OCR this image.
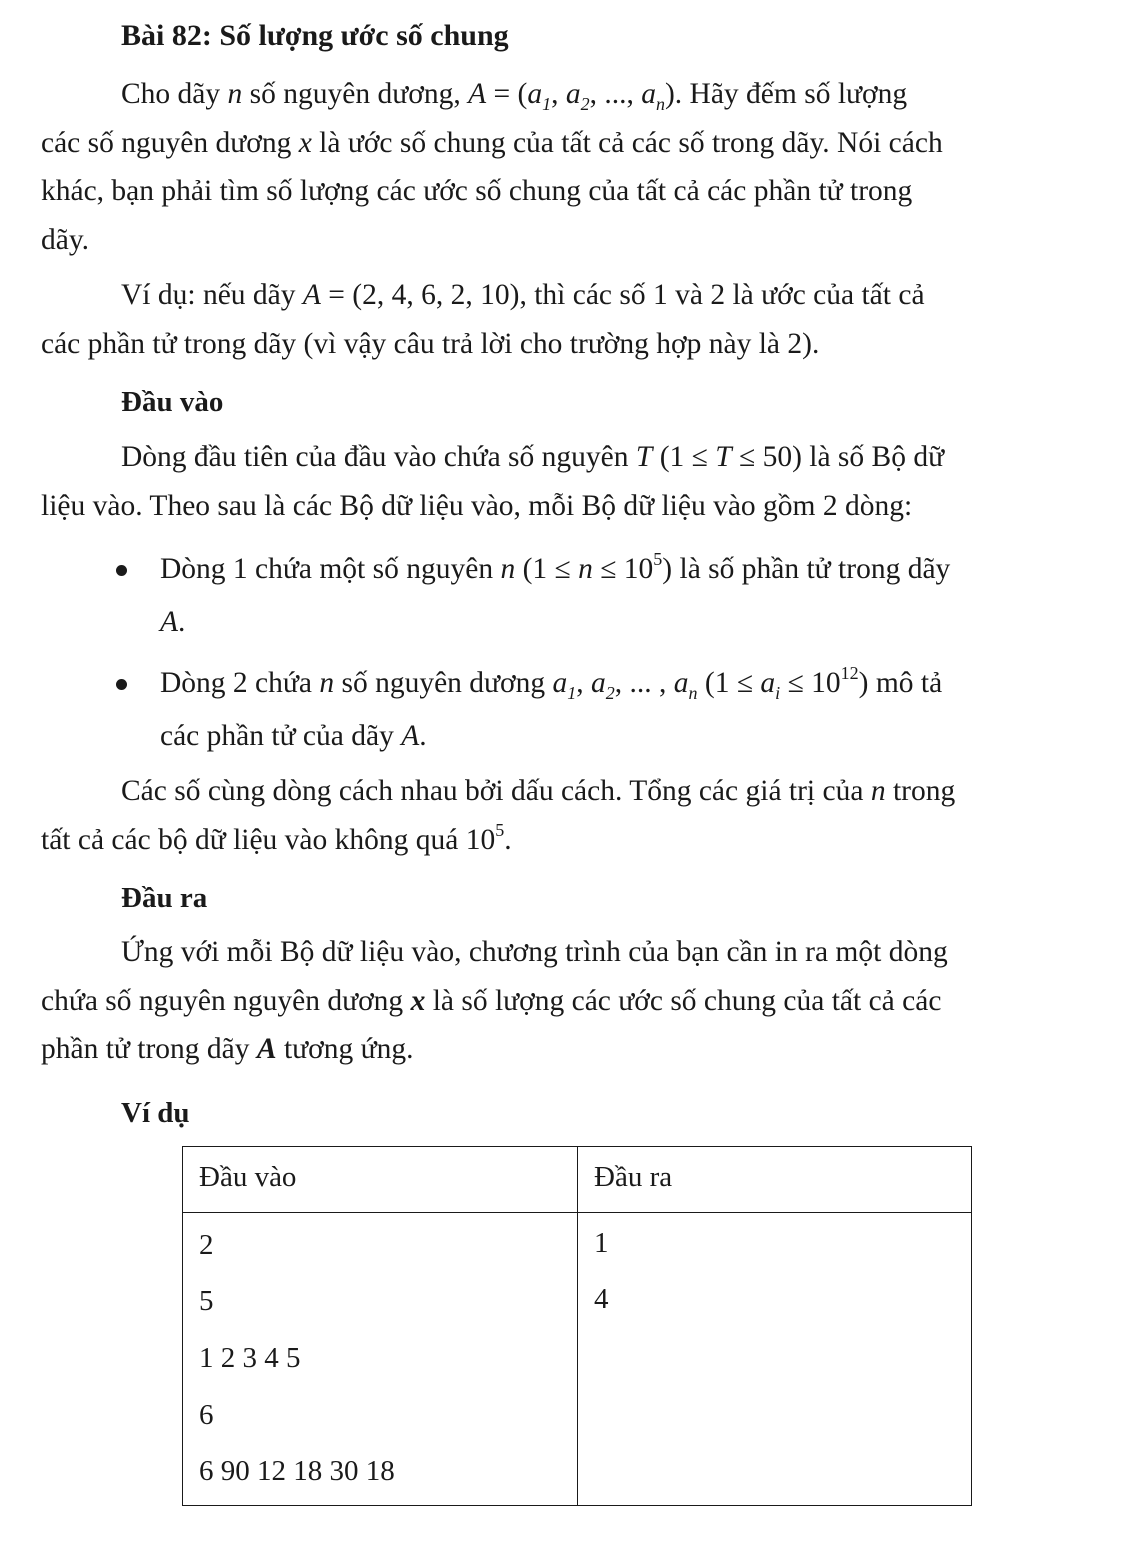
Bài 82: Số lượng ước số chung
Cho dãy n số nguyên dương, $A = (a_1$, $a_2$, ..., $a_n$). Hãy đếm số lượng
các số nguyên dương x là ước số chung của tất cả các số trong dãy. Nói cách
khác, bạn phải tìm số lượng các ước số chung của tất cả các phần tử trong
dãy.
Ví dụ: nếu dãy A = (2, 4, 6, 2, 10), thì các số 1 và 2 là ước của tất cả
các phần tử trong dãy (vì vậy câu trả lời cho trường hợp này là 2).
Đầu vào
Dòng đầu tiên của đầu vào chứa số nguyên T (1 ≤ T ≤ 50) là số Bộ dữ
liệu vào. Theo sau là các Bộ dữ liệu vào, mỗi Bộ dữ liệu vào gồm 2 dòng:
Dòng 1 chứa một số nguyên n $(1 \le n \le 10^5)$ là số phần tử trong dãy
A.
Dòng 2 chứa n số nguyên dương $a_1$, $a_2$, ... , $a_n$ $(1 \le a_i \le 10^{12})$ mô tả
các phần tử của dãy A.
Các số cùng dòng cách nhau bởi dấu cách. Tổng các giá trị của n trong
tất cả các bộ dữ liệu vào không quá $10^5$.
Đầu ra
Ứng với mỗi Bộ dữ liệu vào, chương trình của bạn cần in ra một dòng
chứa số nguyên nguyên dương x là số lượng các ước số chung của tất cả các
phần tử trong dãy A tương ứng.
Ví dụ
Đầu vào	Đầu ra
2
5
1 2 3 4 5
6
6 90 12 18 30 18
1
4
